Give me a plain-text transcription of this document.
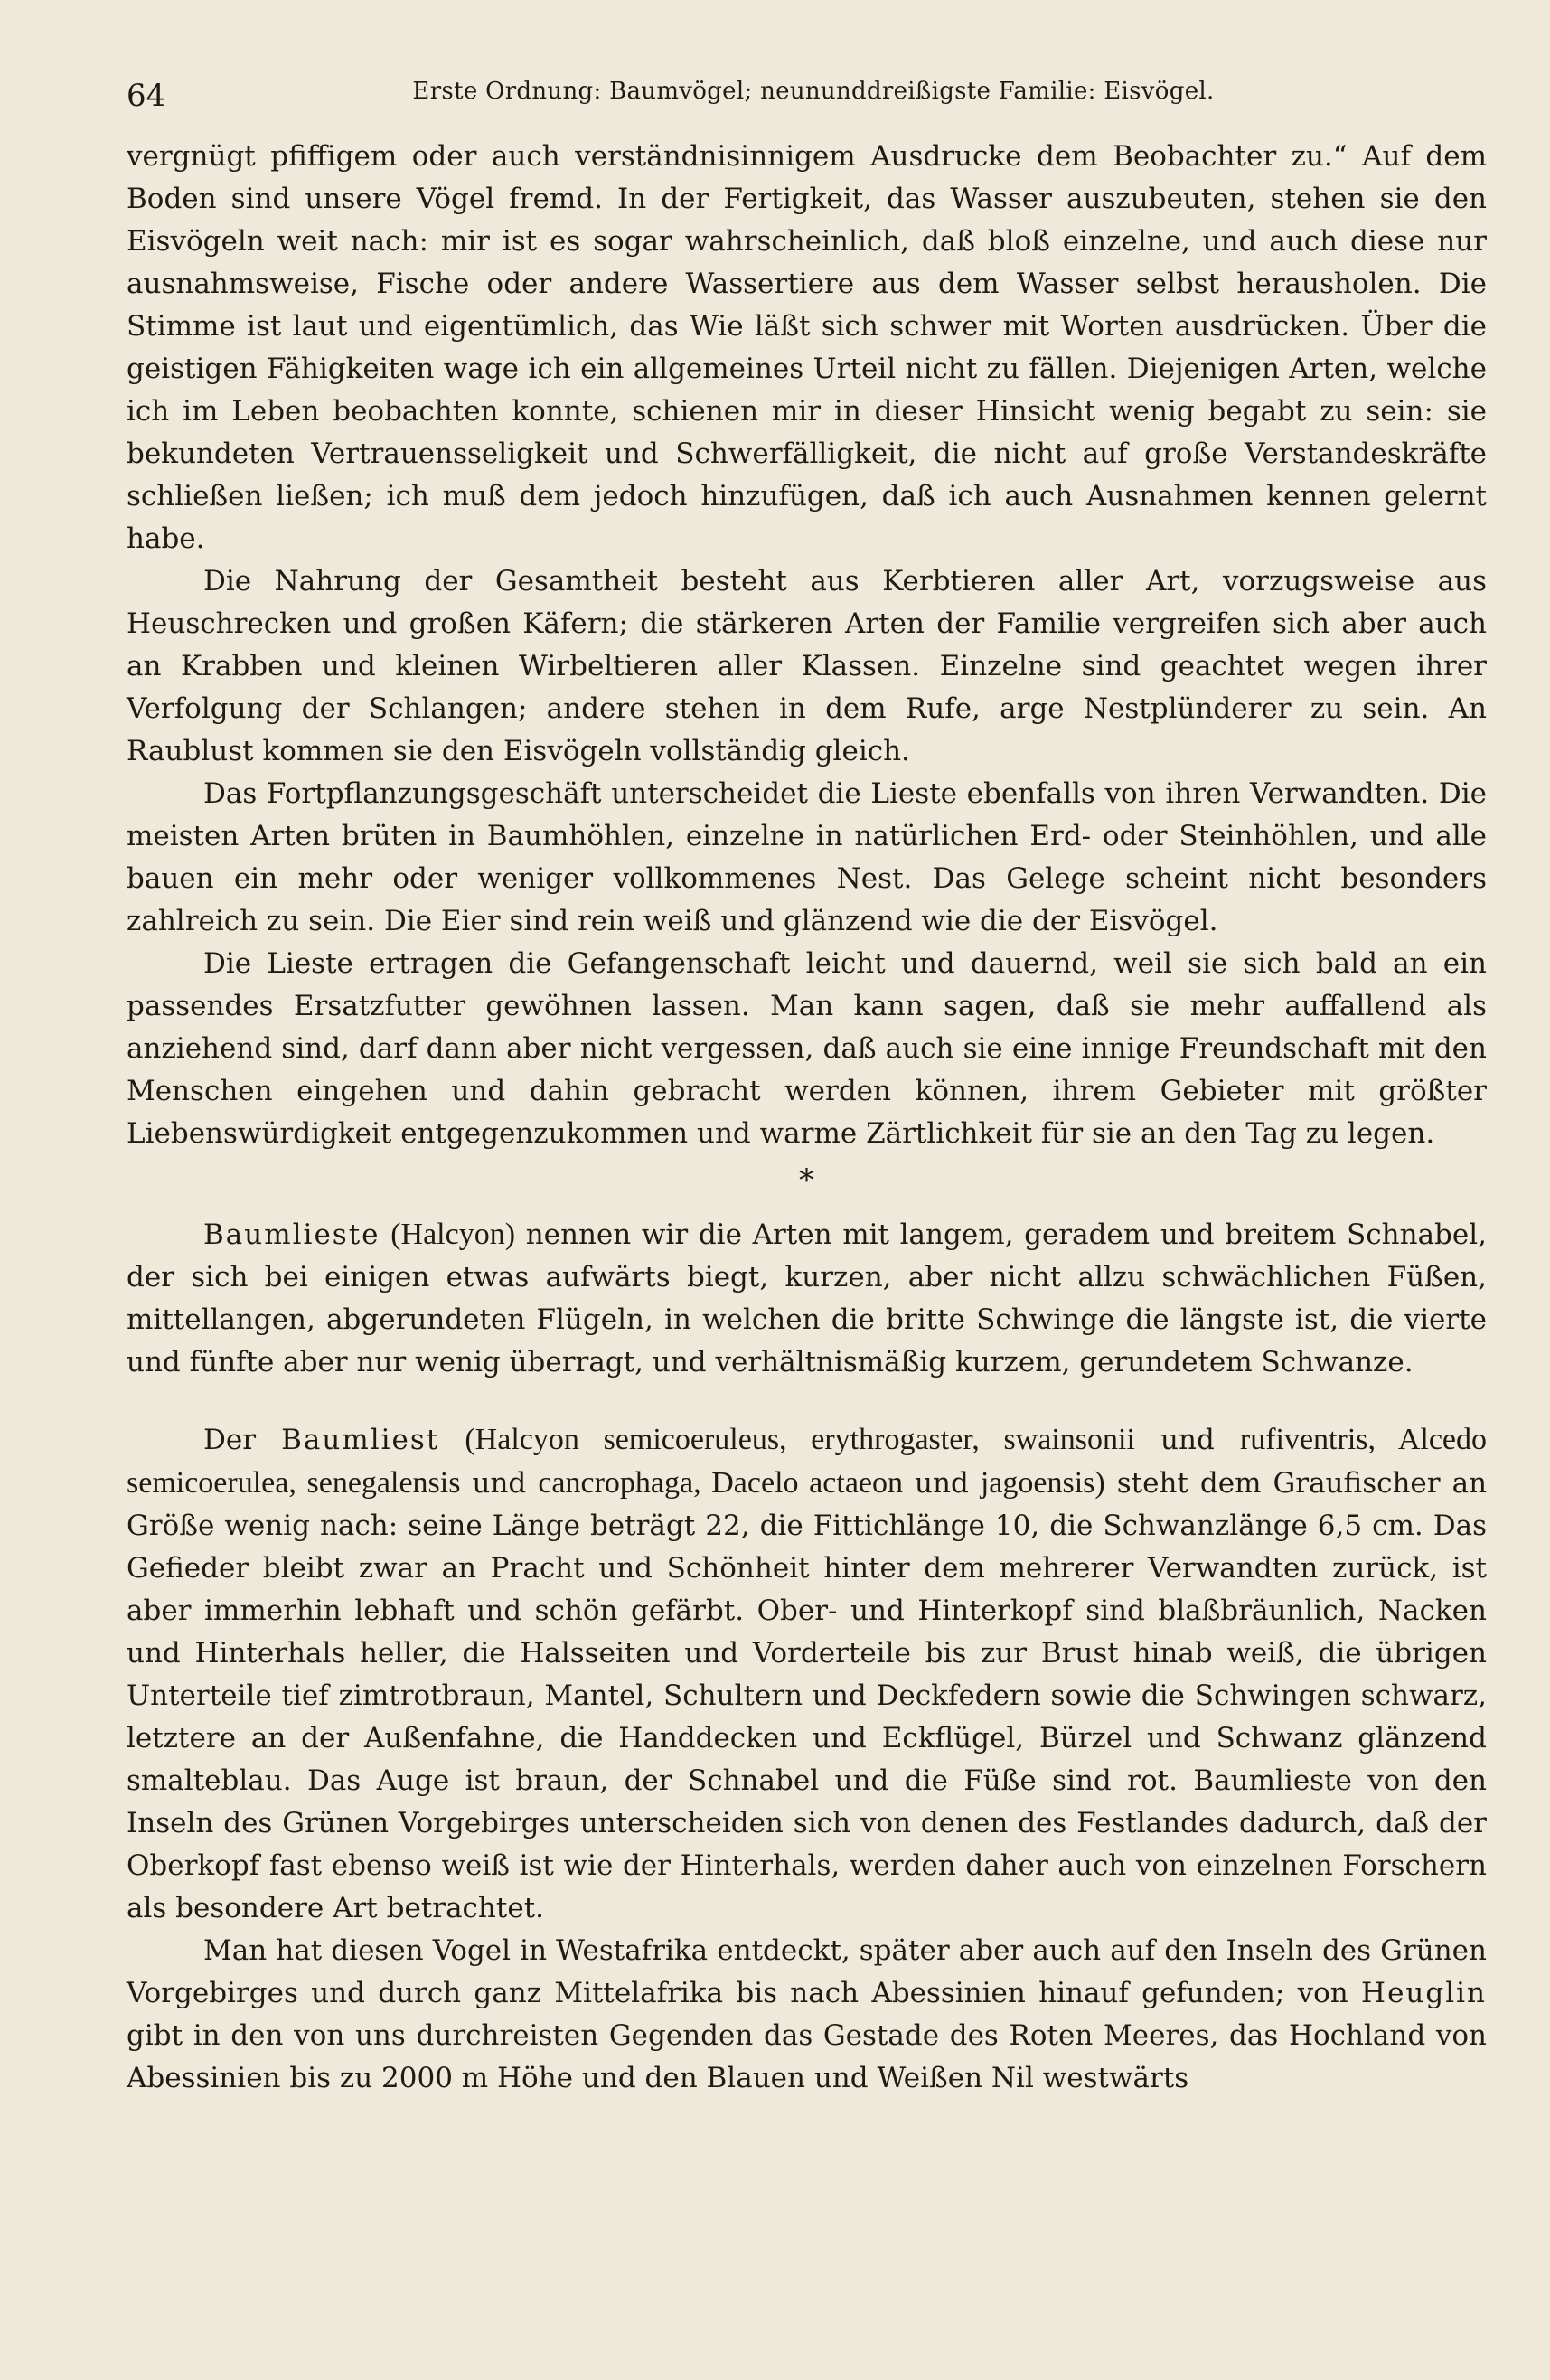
64	Erste Ordnung: Baumvögel; neununddreißigste Familie: Eisvögel.

vergnügt pfiffigem oder auch verständnisinnigem Ausdrucke dem Beobachter zu.“ Auf dem Boden sind unsere Vögel fremd. In der Fertigkeit, das Wasser auszubeuten, stehen sie den Eisvögeln weit nach: mir ist es sogar wahrscheinlich, daß bloß einzelne, und auch diese nur ausnahmsweise, Fische oder andere Wassertiere aus dem Wasser selbst herausholen. Die Stimme ist laut und eigentümlich, das Wie läßt sich schwer mit Worten ausdrücken. Über die geistigen Fähigkeiten wage ich ein allgemeines Urteil nicht zu fällen. Diejenigen Arten, welche ich im Leben beobachten konnte, schienen mir in dieser Hinsicht wenig begabt zu sein: sie bekundeten Vertrauensseligkeit und Schwerfälligkeit, die nicht auf große Verstandeskräfte schließen ließen; ich muß dem jedoch hinzufügen, daß ich auch Ausnahmen kennen gelernt habe.

Die Nahrung der Gesamtheit besteht aus Kerbtieren aller Art, vorzugsweise aus Heuschrecken und großen Käfern; die stärkeren Arten der Familie vergreifen sich aber auch an Krabben und kleinen Wirbeltieren aller Klassen. Einzelne sind geachtet wegen ihrer Verfolgung der Schlangen; andere stehen in dem Rufe, arge Nestplünderer zu sein. An Raublust kommen sie den Eisvögeln vollständig gleich.

Das Fortpflanzungsgeschäft unterscheidet die Lieste ebenfalls von ihren Verwandten. Die meisten Arten brüten in Baumhöhlen, einzelne in natürlichen Erd- oder Steinhöhlen, und alle bauen ein mehr oder weniger vollkommenes Nest. Das Gelege scheint nicht besonders zahlreich zu sein. Die Eier sind rein weiß und glänzend wie die der Eisvögel.

Die Lieste ertragen die Gefangenschaft leicht und dauernd, weil sie sich bald an ein passendes Ersatzfutter gewöhnen lassen. Man kann sagen, daß sie mehr auffallend als anziehend sind, darf dann aber nicht vergessen, daß auch sie eine innige Freundschaft mit den Menschen eingehen und dahin gebracht werden können, ihrem Gebieter mit größter Liebenswürdigkeit entgegenzukommen und warme Zärtlichkeit für sie an den Tag zu legen.

*

Baumlieste (Halcyon) nennen wir die Arten mit langem, geradem und breitem Schnabel, der sich bei einigen etwas aufwärts biegt, kurzen, aber nicht allzu schwächlichen Füßen, mittellangen, abgerundeten Flügeln, in welchen die britte Schwinge die längste ist, die vierte und fünfte aber nur wenig überragt, und verhältnismäßig kurzem, gerundetem Schwanze.

Der Baumliest (Halcyon semicoeruleus, erythrogaster, swainsonii und rufiventris, Alcedo semicoerulea, senegalensis und cancrophaga, Dacelo actaeon und jagoensis) steht dem Graufischer an Größe wenig nach: seine Länge beträgt 22, die Fittichlänge 10, die Schwanzlänge 6,5 cm. Das Gefieder bleibt zwar an Pracht und Schönheit hinter dem mehrerer Verwandten zurück, ist aber immerhin lebhaft und schön gefärbt. Ober- und Hinterkopf sind blaßbräunlich, Nacken und Hinterhals heller, die Halsseiten und Vorderteile bis zur Brust hinab weiß, die übrigen Unterteile tief zimtrotbraun, Mantel, Schultern und Deckfedern sowie die Schwingen schwarz, letztere an der Außenfahne, die Handdecken und Eckflügel, Bürzel und Schwanz glänzend smalteblau. Das Auge ist braun, der Schnabel und die Füße sind rot. Baumlieste von den Inseln des Grünen Vorgebirges unterscheiden sich von denen des Festlandes dadurch, daß der Oberkopf fast ebenso weiß ist wie der Hinterhals, werden daher auch von einzelnen Forschern als besondere Art betrachtet.

Man hat diesen Vogel in Westafrika entdeckt, später aber auch auf den Inseln des Grünen Vorgebirges und durch ganz Mittelafrika bis nach Abessinien hinauf gefunden; von Heuglin gibt in den von uns durchreisten Gegenden das Gestade des Roten Meeres, das Hochland von Abessinien bis zu 2000 m Höhe und den Blauen und Weißen Nil westwärts
